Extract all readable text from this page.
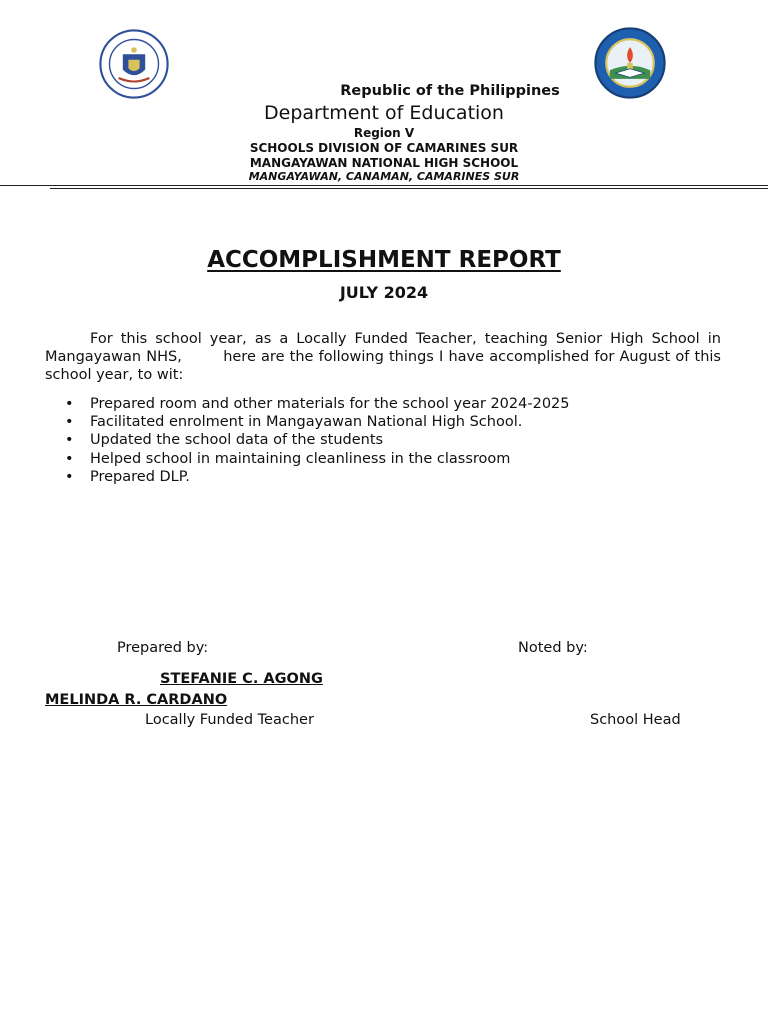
Republic of the Philippines
Department of Education
Region V
SCHOOLS DIVISION OF CAMARINES SUR
MANGAYAWAN NATIONAL HIGH SCHOOL
MANGAYAWAN, CANAMAN, CAMARINES SUR
ACCOMPLISHMENT REPORT
JULY 2024

For this school year, as a Locally Funded Teacher, teaching Senior High School in Mangayawan NHS,        here are the following things I have accomplished for August of this school year, to wit:

• Prepared room and other materials for the school year 2024-2025
• Facilitated enrolment in Mangayawan National High School.
• Updated the school data of the students
• Helped school in maintaining cleanliness in the classroom
• Prepared DLP.
Prepared by:	Noted by:
STEFANIE C. AGONG
MELINDA R. CARDANO
Locally Funded Teacher	School Head
